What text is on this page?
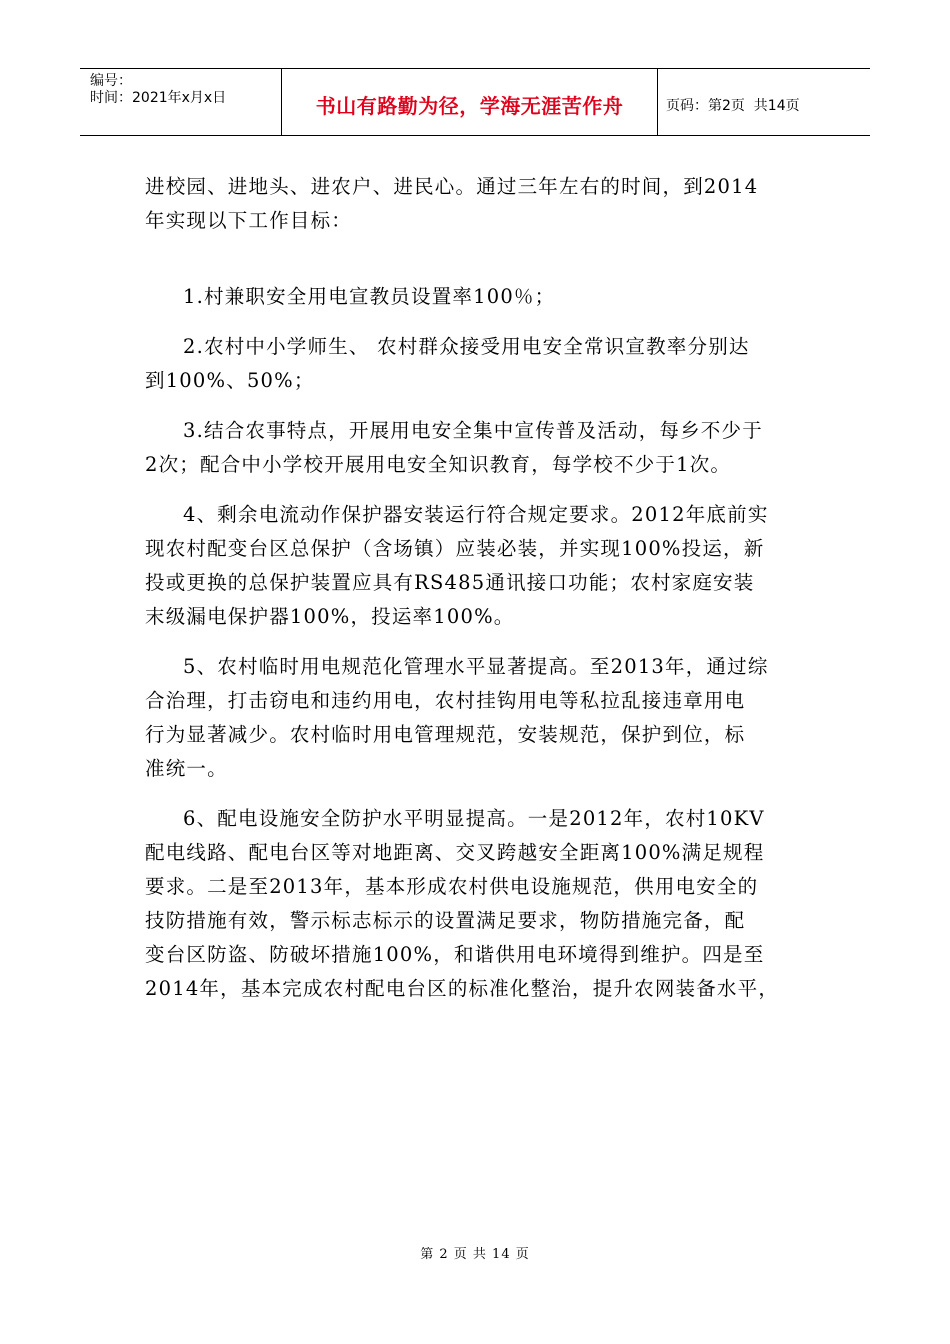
编号：
时间：2021年x月x日	书山有路勤为径，学海无涯苦作舟	页码：第2页  共14页

进校园、进地头、进农户、进民心。通过三年左右的时间，到2014

年实现以下工作目标：

1.村兼职安全用电宣教员设置率100％；

2.农村中小学师生、 农村群众接受用电安全常识宣教率分别达

到100%、50%；

3.结合农事特点，开展用电安全集中宣传普及活动，每乡不少于

2次；配合中小学校开展用电安全知识教育，每学校不少于1次。

4、剩余电流动作保护器安装运行符合规定要求。2012年底前实

现农村配变台区总保护（含场镇）应装必装，并实现100%投运，新

投或更换的总保护装置应具有RS485通讯接口功能；农村家庭安装

末级漏电保护器100%，投运率100%。

5、农村临时用电规范化管理水平显著提高。至2013年，通过综

合治理，打击窃电和违约用电，农村挂钩用电等私拉乱接违章用电

行为显著减少。农村临时用电管理规范，安装规范，保护到位，标

准统一。

6、配电设施安全防护水平明显提高。一是2012年，农村10KV

配电线路、配电台区等对地距离、交叉跨越安全距离100%满足规程

要求。二是至2013年，基本形成农村供电设施规范，供用电安全的

技防措施有效，警示标志标示的设置满足要求，物防措施完备，配

变台区防盗、防破坏措施100%，和谐供用电环境得到维护。四是至

2014年，基本完成农村配电台区的标准化整治，提升农网装备水平，

第 2 页 共 14 页
